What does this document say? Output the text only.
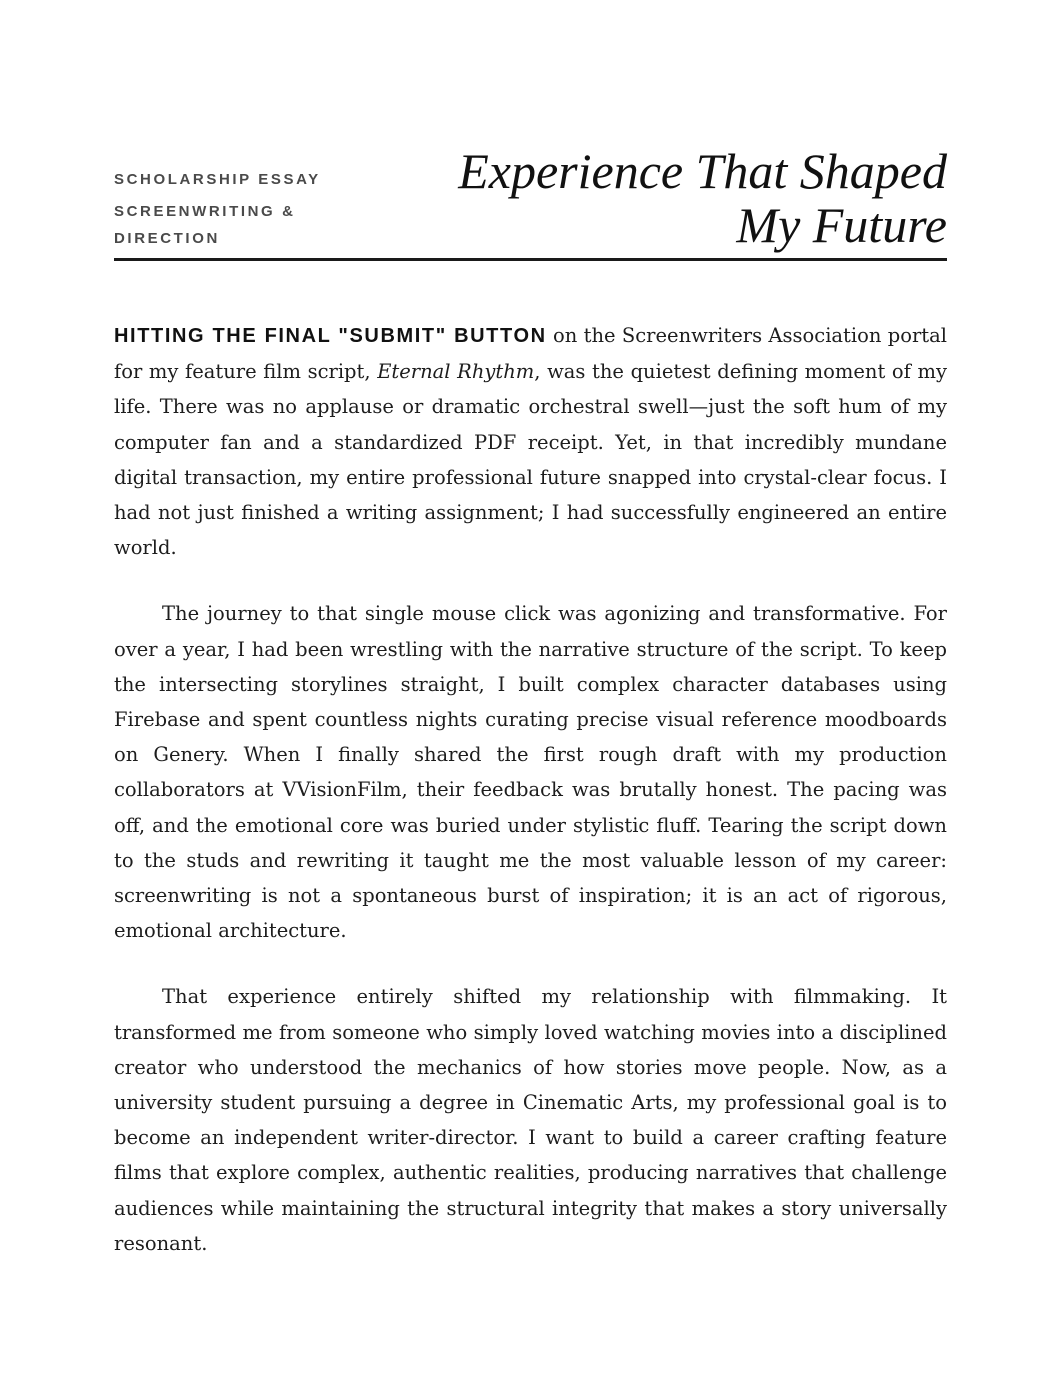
SCHOLARSHIP ESSAY
SCREENWRITING & DIRECTION
Experience That Shaped
My Future

HITTING THE FINAL "SUBMIT" BUTTON on the Screenwriters Association portal for my feature film script, Eternal Rhythm, was the quietest defining moment of my life. There was no applause or dramatic orchestral swell—just the soft hum of my computer fan and a standardized PDF receipt. Yet, in that incredibly mundane digital transaction, my entire professional future snapped into crystal-clear focus. I had not just finished a writing assignment; I had successfully engineered an entire world.

The journey to that single mouse click was agonizing and transformative. For over a year, I had been wrestling with the narrative structure of the script. To keep the intersecting storylines straight, I built complex character databases using Firebase and spent countless nights curating precise visual reference moodboards on Genery. When I finally shared the first rough draft with my production collaborators at VVisionFilm, their feedback was brutally honest. The pacing was off, and the emotional core was buried under stylistic fluff. Tearing the script down to the studs and rewriting it taught me the most valuable lesson of my career: screenwriting is not a spontaneous burst of inspiration; it is an act of rigorous, emotional architecture.

That experience entirely shifted my relationship with filmmaking. It transformed me from someone who simply loved watching movies into a disciplined creator who understood the mechanics of how stories move people. Now, as a university student pursuing a degree in Cinematic Arts, my professional goal is to become an independent writer-director. I want to build a career crafting feature films that explore complex, authentic realities, producing narratives that challenge audiences while maintaining the structural integrity that makes a story universally resonant.
